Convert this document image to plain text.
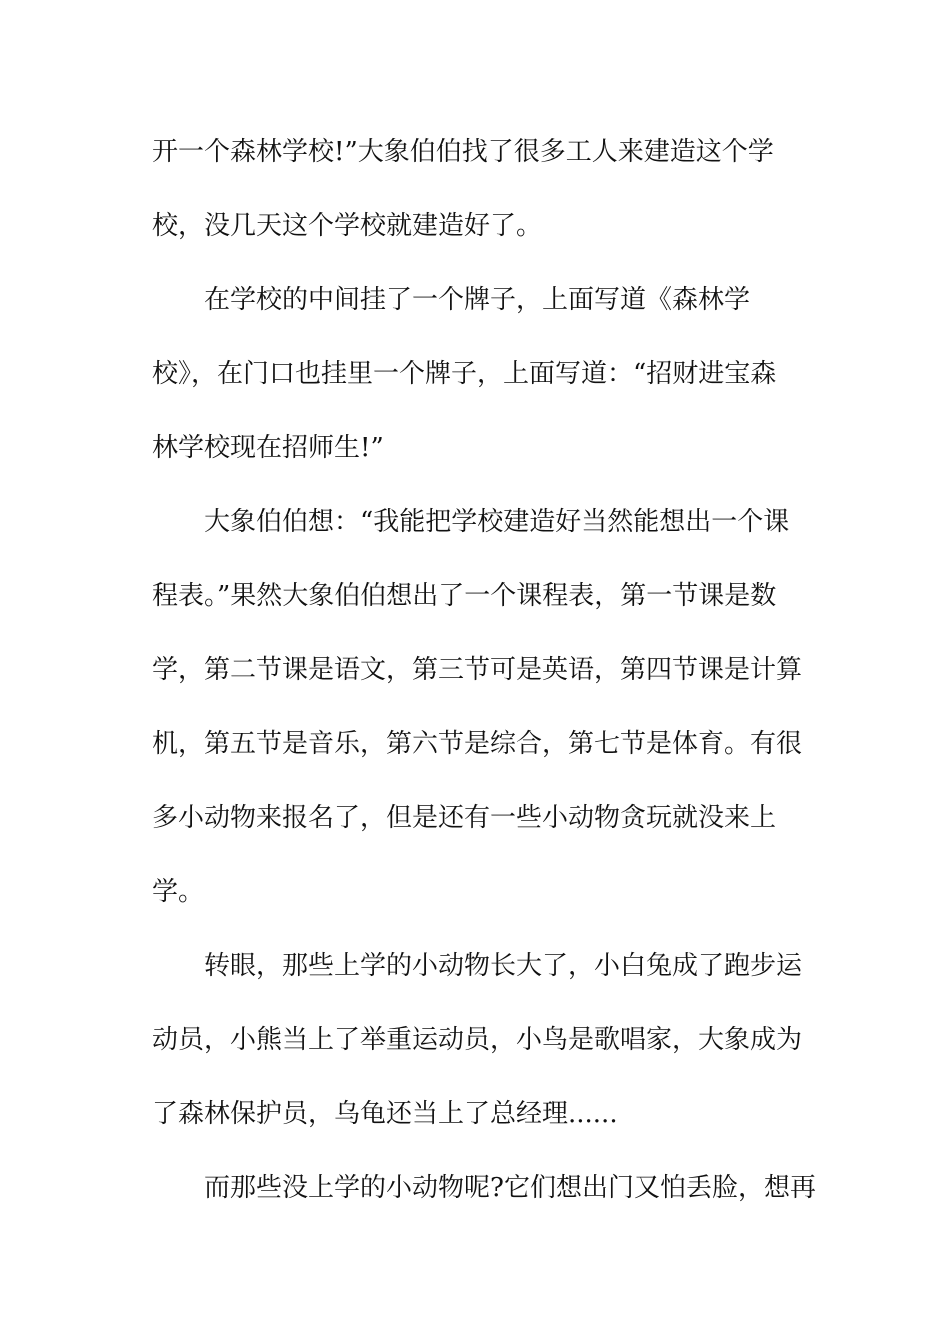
开一个森林学校!”大象伯伯找了很多工人来建造这个学
校，没几天这个学校就建造好了。
在学校的中间挂了一个牌子，上面写道《森林学
校》，在门口也挂里一个牌子，上面写道：“招财进宝森
林学校现在招师生!”
大象伯伯想：“我能把学校建造好当然能想出一个课
程表。”果然大象伯伯想出了一个课程表，第一节课是数
学，第二节课是语文，第三节可是英语，第四节课是计算
机，第五节是音乐，第六节是综合，第七节是体育。有很
多小动物来报名了，但是还有一些小动物贪玩就没来上
学。
转眼，那些上学的小动物长大了，小白兔成了跑步运
动员，小熊当上了举重运动员，小鸟是歌唱家，大象成为
了森林保护员，乌龟还当上了总经理......
而那些没上学的小动物呢?它们想出门又怕丢脸，想再
